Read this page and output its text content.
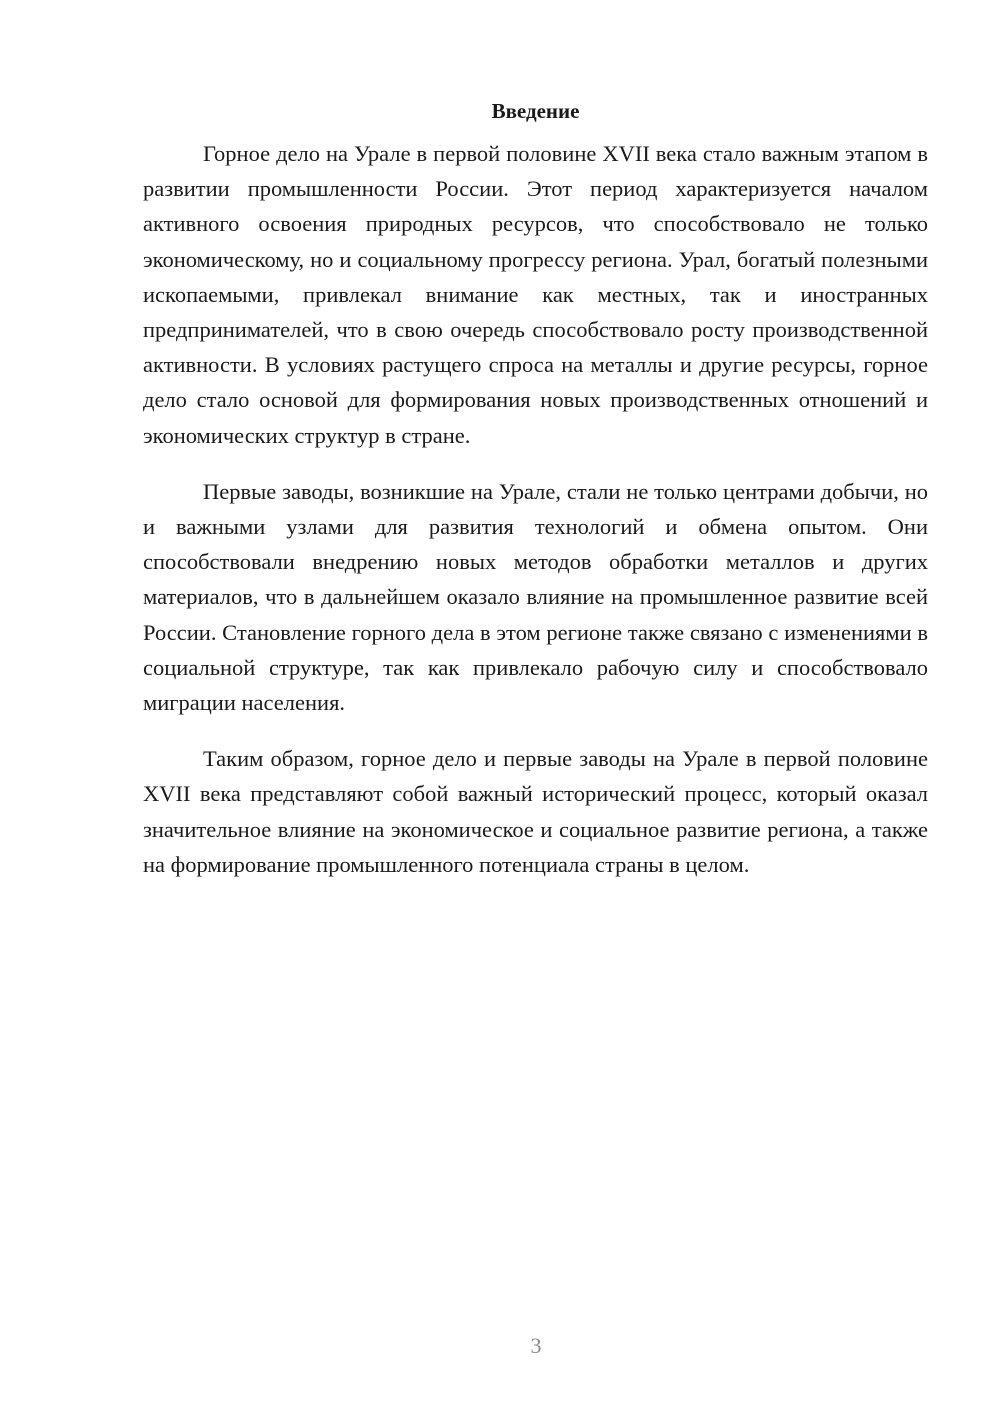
Введение

Горное дело на Урале в первой половине XVII века стало важным этапом в развитии промышленности России. Этот период характеризуется началом активного освоения природных ресурсов, что способствовало не только экономическому, но и социальному прогрессу региона. Урал, богатый полезными ископаемыми, привлекал внимание как местных, так и иностранных предпринимателей, что в свою очередь способствовало росту производственной активности. В условиях растущего спроса на металлы и другие ресурсы, горное дело стало основой для формирования новых производственных отношений и экономических структур в стране.

Первые заводы, возникшие на Урале, стали не только центрами добычи, но и важными узлами для развития технологий и обмена опытом. Они способствовали внедрению новых методов обработки металлов и других материалов, что в дальнейшем оказало влияние на промышленное развитие всей России. Становление горного дела в этом регионе также связано с изменениями в социальной структуре, так как привлекало рабочую силу и способствовало миграции населения.

Таким образом, горное дело и первые заводы на Урале в первой половине XVII века представляют собой важный исторический процесс, который оказал значительное влияние на экономическое и социальное развитие региона, а также на формирование промышленного потенциала страны в целом.

3
